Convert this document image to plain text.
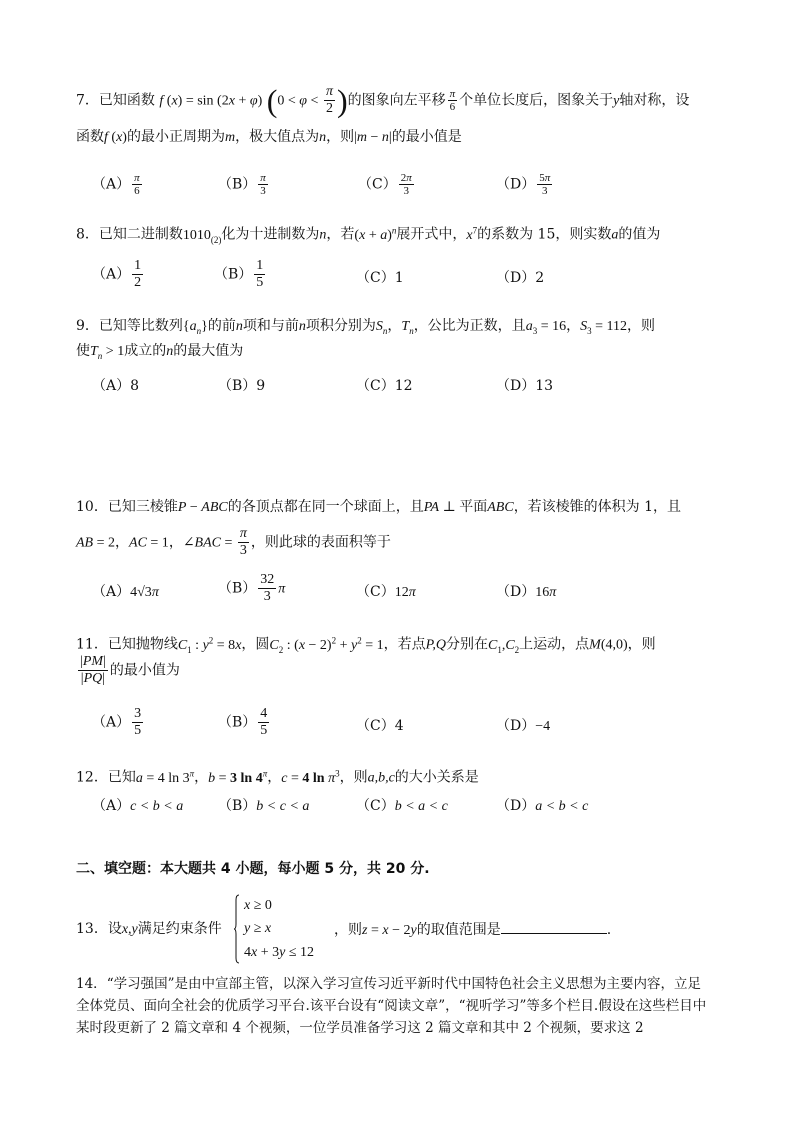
7．已知函数 f (x) = sin (2x + φ) ($0 < \varphi < \frac{\pi}{2}$ )的图象向左平移 $\frac{\pi}{6}$ 个单位长度后，图象关于y轴对称，设
函数f (x)的最小正周期为m，极大值点为n，则|m − n|的最小值是
$(A) \frac{\pi}{6}$	$(B) \frac{\pi}{3}$	$(C) \frac{2\pi}{3}$	$(D) \frac{5\pi}{3}$
8．已知二进制数$1010_{(2)}$化为十进制数为n，若$(x + a)^n$展开式中，$x^7$的系数为 15，则实数a的值为
$(A) \frac{1}{2}$	$(B) \frac{1}{5}$	（C）1	（D）2
9．已知等比数列$\{a_n\}$的前n项和与前n项积分别为$S_n$，$T_n$，公比为正数，且$a_3 = 16$，$S_3 = 112$，则
使$T_n > 1$成立的n的最大值为
（A）8	（B）9	（C）12	（D）13
10．已知三棱锥P − ABC的各顶点都在同一个球面上，且PA ⊥ 平面ABC，若该棱锥的体积为 1，且
AB = 2，AC = 1，∠BAC = $\frac{\pi}{3}$ ，则此球的表面积等于
（A）4√3π	$(B) \frac{32}{3}$ π	（C）12π	（D）16π
11．已知抛物线$C_1$ : $y^2 = 8x$，圆$C_2$ : $(x - 2)^2 + y^2 = 1$，若点P,Q分别在$C_1,C_2$上运动，点M(4,0)，则
$\frac{|PM|}{|PQ|}$ 的最小值为
$(A) \frac{3}{5}$	$(B) \frac{4}{5}$	（C）4	（D）−4
12．已知a = 4 $\ln 3^\pi$，b = 3 $\ln 4^\pi$，c = 4 $\ln \pi^3$，则a,b,c的大小关系是
（A）c < b < a （B）b < c < a	（C）b < a < c	（D）a < b < c
二、填空题：本大题共 4 小题，每小题 5 分，共 20 分.
x ≥ 0
y ≥ x
4x + 3y ≤ 12
13．设x,y满足约束条件	，则z = x − 2y的取值范围是	.
14．“学习强国”是由中宣部主管，以深入学习宣传习近平新时代中国特色社会主义思想为主要内容，立足全体党员、面向全社会的优质学习平台.该平台设有“阅读文章”，“视听学习”等多个栏目.假设在这些栏目中某时段更新了 2 篇文章和 4 个视频，一位学员准备学习这 2 篇文章和其中 2 个视频，要求这 2
